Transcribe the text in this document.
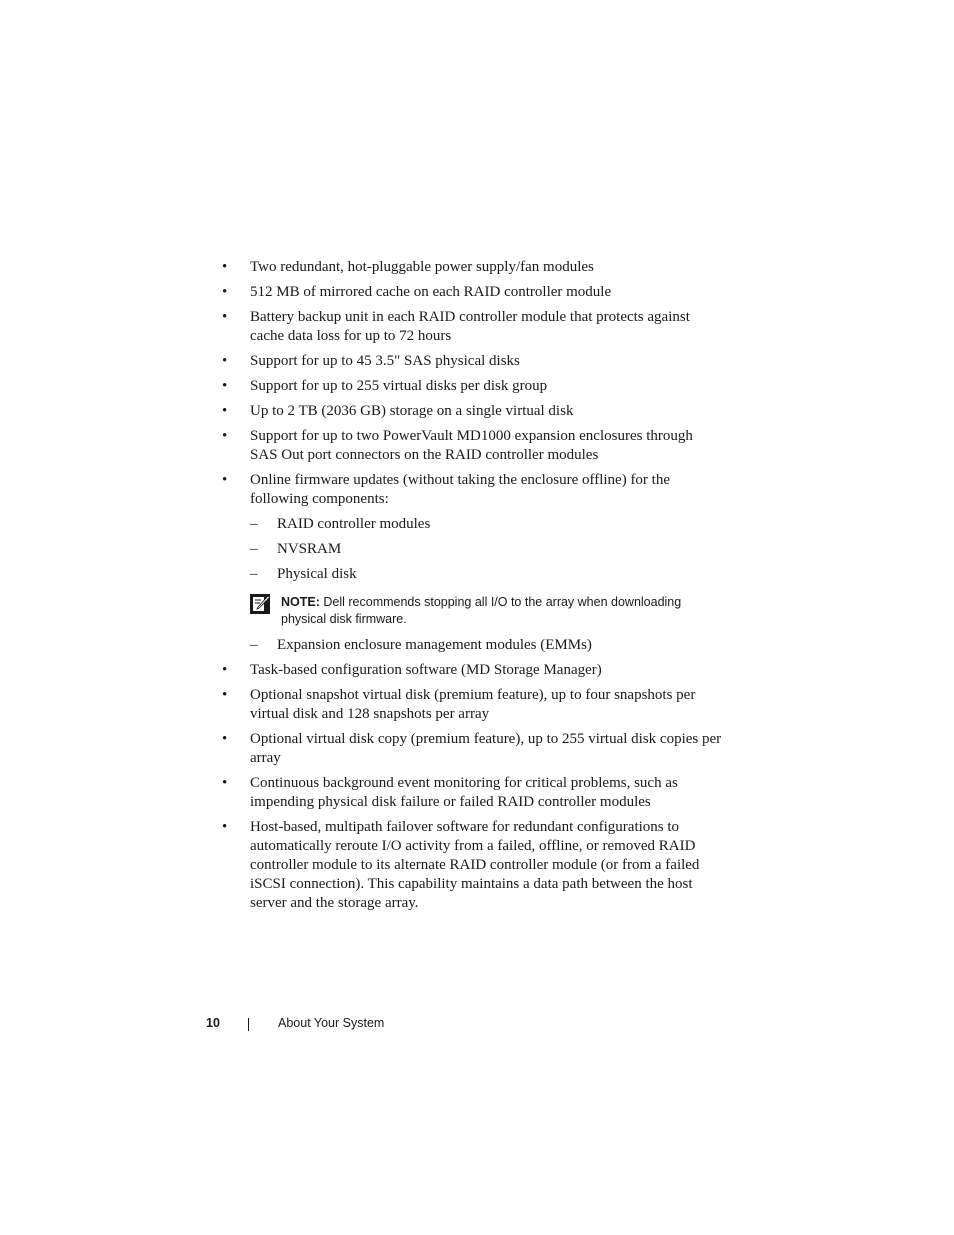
• Two redundant, hot-pluggable power supply/fan modules
• 512 MB of mirrored cache on each RAID controller module
• Battery backup unit in each RAID controller module that protects against cache data loss for up to 72 hours
• Support for up to 45 3.5" SAS physical disks
• Support for up to 255 virtual disks per disk group
• Up to 2 TB (2036 GB) storage on a single virtual disk
• Support for up to two PowerVault MD1000 expansion enclosures through SAS Out port connectors on the RAID controller modules
• Online firmware updates (without taking the enclosure offline) for the following components:
– RAID controller modules
– NVSRAM
– Physical disk
NOTE: Dell recommends stopping all I/O to the array when downloading physical disk firmware.
– Expansion enclosure management modules (EMMs)
• Task-based configuration software (MD Storage Manager)
• Optional snapshot virtual disk (premium feature), up to four snapshots per virtual disk and 128 snapshots per array
• Optional virtual disk copy (premium feature), up to 255 virtual disk copies per array
• Continuous background event monitoring for critical problems, such as impending physical disk failure or failed RAID controller modules
• Host-based, multipath failover software for redundant configurations to automatically reroute I/O activity from a failed, offline, or removed RAID controller module to its alternate RAID controller module (or from a failed iSCSI connection). This capability maintains a data path between the host server and the storage array.
10	About Your System
